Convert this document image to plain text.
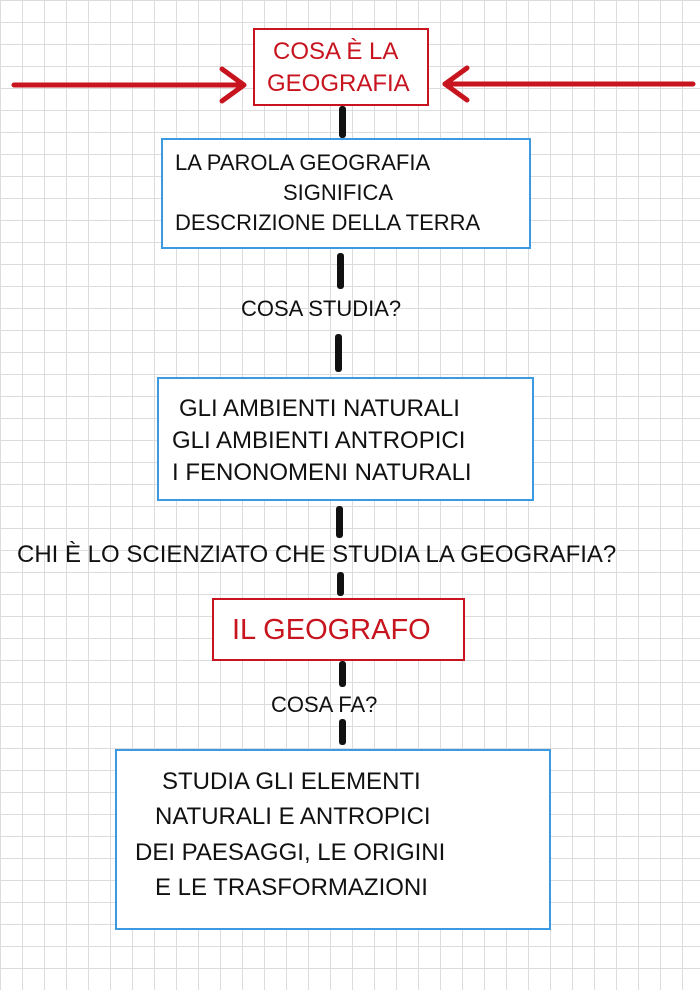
COSA È LA
GEOGRAFIA
LA PAROLA GEOGRAFIA
SIGNIFICA
DESCRIZIONE DELLA TERRA
COSA STUDIA?
GLI AMBIENTI NATURALI
GLI AMBIENTI ANTROPICI
I FENONOMENI NATURALI
CHI È LO SCIENZIATO CHE STUDIA LA GEOGRAFIA?
IL GEOGRAFO
COSA FA?
STUDIA GLI ELEMENTI
NATURALI E ANTROPICI
DEI PAESAGGI, LE ORIGINI
E LE TRASFORMAZIONI
